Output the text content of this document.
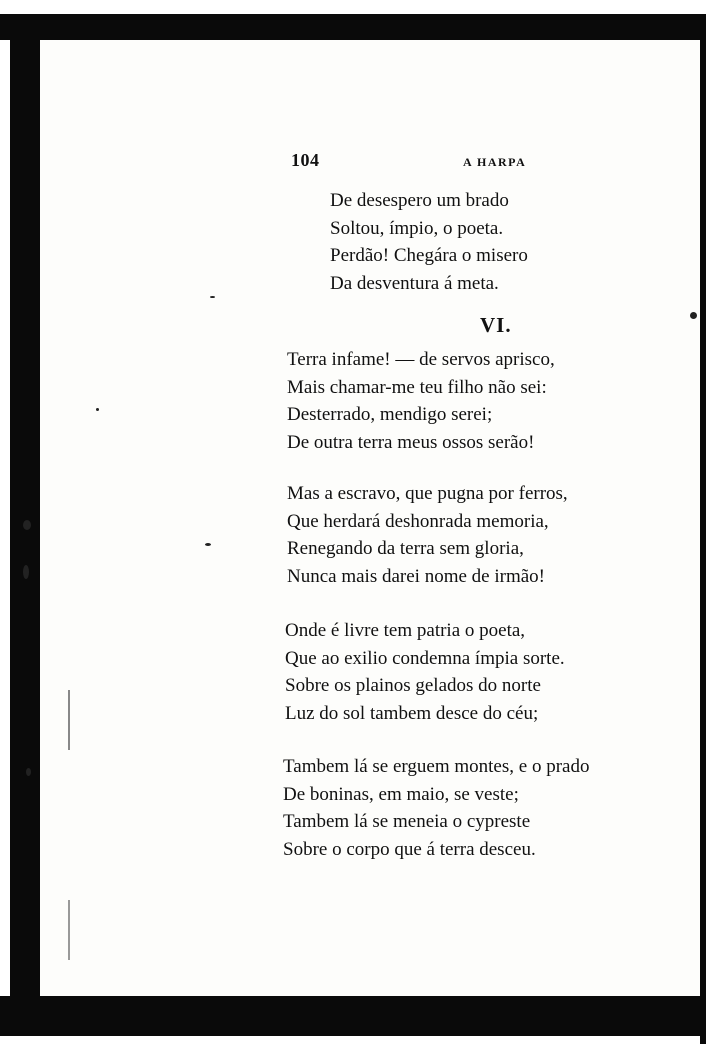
104	A HARPA
De desespero um brado
Soltou, ímpio, o poeta.
Perdão! Chegára o misero
Da desventura á meta.
VI.
Terra infame! — de servos aprisco,
Mais chamar-me teu filho não sei:
Desterrado, mendigo serei;
De outra terra meus ossos serão!
Mas a escravo, que pugna por ferros,
Que herdará deshonrada memoria,
Renegando da terra sem gloria,
Nunca mais darei nome de irmão!
Onde é livre tem patria o poeta,
Que ao exilio condemna ímpia sorte.
Sobre os plainos gelados do norte
Luz do sol tambem desce do céu;
Tambem lá se erguem montes, e o prado
De boninas, em maio, se veste;
Tambem lá se meneia o cypreste
Sobre o corpo que á terra desceu.
